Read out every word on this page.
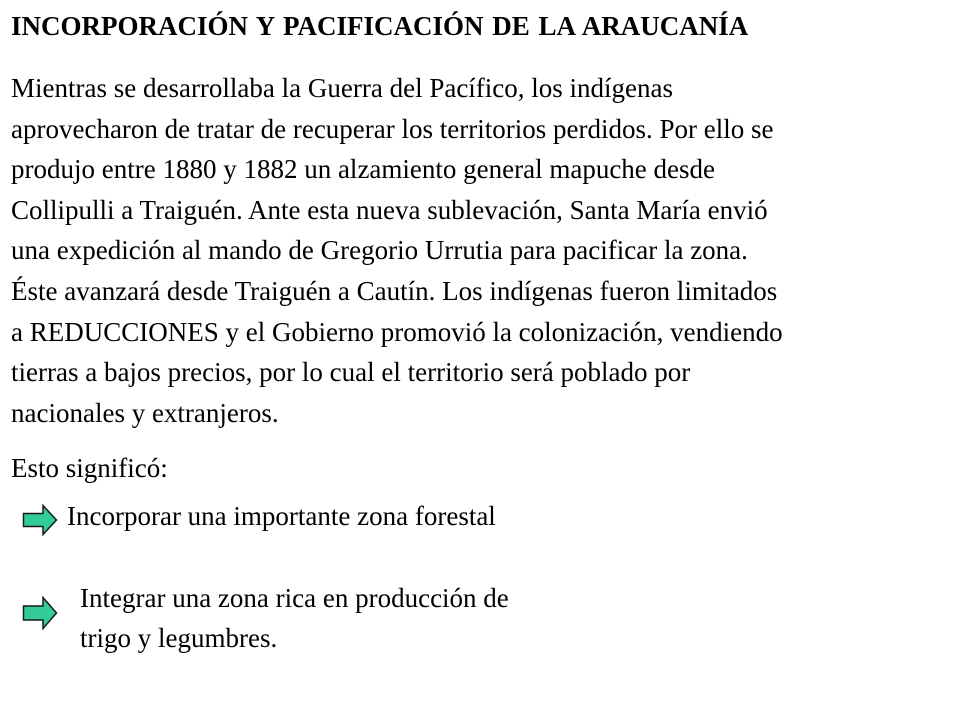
INCORPORACIÓN Y PACIFICACIÓN DE LA ARAUCANÍA
Mientras se desarrollaba la Guerra del Pacífico, los indígenas
aprovecharon de tratar de recuperar los territorios perdidos. Por ello se
produjo entre 1880 y 1882 un alzamiento general mapuche desde
Collipulli a Traiguén. Ante esta nueva sublevación, Santa María envió
una expedición al mando de Gregorio Urrutia para pacificar la zona.
Éste avanzará desde Traiguén a Cautín. Los indígenas fueron limitados
a REDUCCIONES y el Gobierno promovió la colonización, vendiendo
tierras a bajos precios, por lo cual el territorio será poblado por
nacionales y extranjeros.
Esto significó:
Incorporar una importante zona forestal
Integrar una zona rica en producción de
trigo y legumbres.
